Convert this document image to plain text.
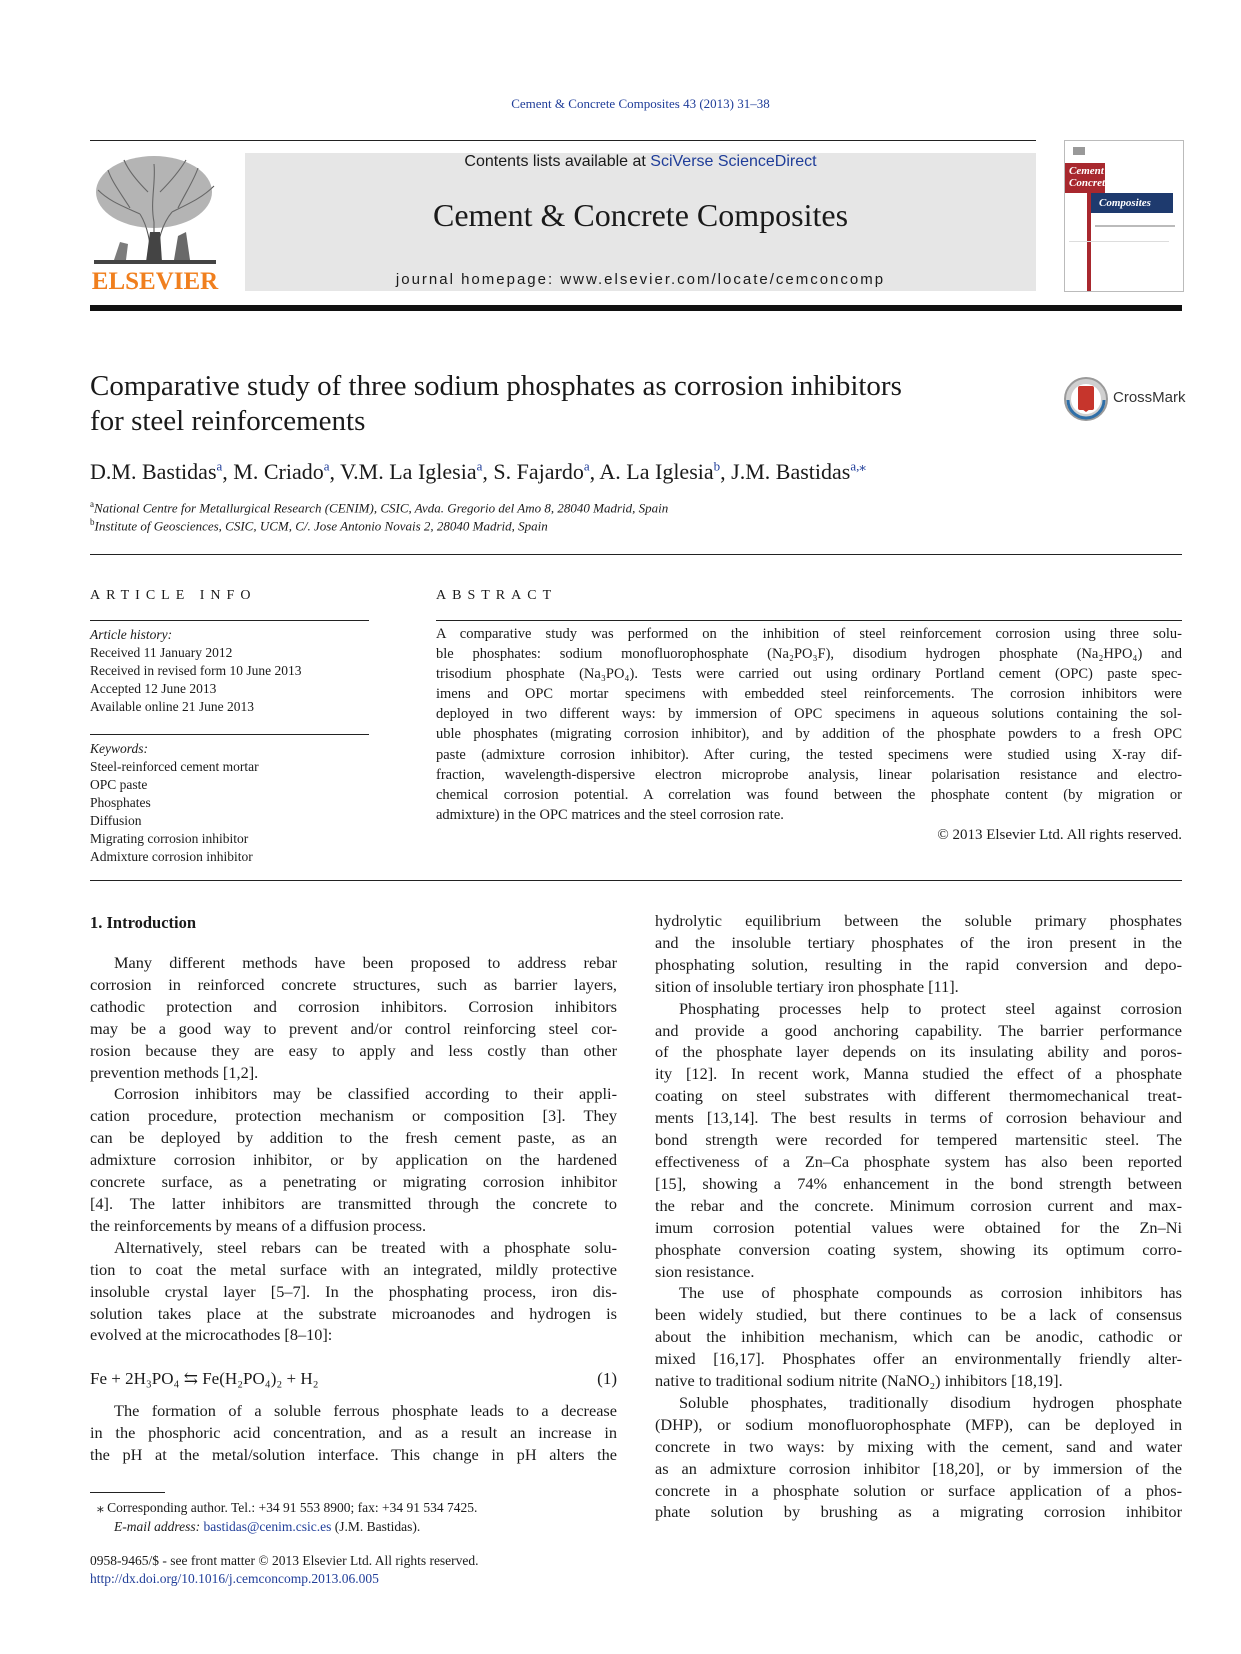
Cement & Concrete Composites 43 (2013) 31–38
ELSEVIER
Contents lists available at SciVerse ScienceDirect
Cement & Concrete Composites
journal homepage: www.elsevier.com/locate/cemconcomp
Cement &
Concrete
Composites
Comparative study of three sodium phosphates as corrosion inhibitors
for steel reinforcements
CrossMark
D.M. Bastidas$^a$, M. Criado$^a$, V.M. La Iglesia$^a$, S. Fajardo$^a$, A. La Iglesia$^b$, J.M. Bastidas$^{a,⁎}$
$^a$National Centre for Metallurgical Research (CENIM), CSIC, Avda. Gregorio del Amo 8, 28040 Madrid, Spain
$^b$Institute of Geosciences, CSIC, UCM, C/. Jose Antonio Novais 2, 28040 Madrid, Spain
ARTICLE INFO
Article history:
Received 11 January 2012
Received in revised form 10 June 2013
Accepted 12 June 2013
Available online 21 June 2013
Keywords:
Steel-reinforced cement mortar
OPC paste
Phosphates
Diffusion
Migrating corrosion inhibitor
Admixture corrosion inhibitor
ABSTRACT
A comparative study was performed on the inhibition of steel reinforcement corrosion using three solu-
ble phosphates: sodium monofluorophosphate (Na₂PO₃F), disodium hydrogen phosphate (Na₂HPO₄) and
trisodium phosphate (Na₃PO₄). Tests were carried out using ordinary Portland cement (OPC) paste spec-
imens and OPC mortar specimens with embedded steel reinforcements. The corrosion inhibitors were
deployed in two different ways: by immersion of OPC specimens in aqueous solutions containing the sol-
uble phosphates (migrating corrosion inhibitor), and by addition of the phosphate powders to a fresh OPC
paste (admixture corrosion inhibitor). After curing, the tested specimens were studied using X-ray dif-
fraction, wavelength-dispersive electron microprobe analysis, linear polarisation resistance and electro-
chemical corrosion potential. A correlation was found between the phosphate content (by migration or
admixture) in the OPC matrices and the steel corrosion rate.
© 2013 Elsevier Ltd. All rights reserved.
1. Introduction
Many different methods have been proposed to address rebar
corrosion in reinforced concrete structures, such as barrier layers,
cathodic protection and corrosion inhibitors. Corrosion inhibitors
may be a good way to prevent and/or control reinforcing steel cor-
rosion because they are easy to apply and less costly than other
prevention methods [1,2].
Corrosion inhibitors may be classified according to their appli-
cation procedure, protection mechanism or composition [3]. They
can be deployed by addition to the fresh cement paste, as an
admixture corrosion inhibitor, or by application on the hardened
concrete surface, as a penetrating or migrating corrosion inhibitor
[4]. The latter inhibitors are transmitted through the concrete to
the reinforcements by means of a diffusion process.
Alternatively, steel rebars can be treated with a phosphate solu-
tion to coat the metal surface with an integrated, mildly protective
insoluble crystal layer [5–7]. In the phosphating process, iron dis-
solution takes place at the substrate microanodes and hydrogen is
evolved at the microcathodes [8–10]:
Fe + 2H₃PO₄ ⇆ Fe(H₂PO₄)₂ + H₂	(1)
The formation of a soluble ferrous phosphate leads to a decrease
in the phosphoric acid concentration, and as a result an increase in
the pH at the metal/solution interface. This change in pH alters the
hydrolytic equilibrium between the soluble primary phosphates
and the insoluble tertiary phosphates of the iron present in the
phosphating solution, resulting in the rapid conversion and depo-
sition of insoluble tertiary iron phosphate [11].
Phosphating processes help to protect steel against corrosion
and provide a good anchoring capability. The barrier performance
of the phosphate layer depends on its insulating ability and poros-
ity [12]. In recent work, Manna studied the effect of a phosphate
coating on steel substrates with different thermomechanical treat-
ments [13,14]. The best results in terms of corrosion behaviour and
bond strength were recorded for tempered martensitic steel. The
effectiveness of a Zn–Ca phosphate system has also been reported
[15], showing a 74% enhancement in the bond strength between
the rebar and the concrete. Minimum corrosion current and max-
imum corrosion potential values were obtained for the Zn–Ni
phosphate conversion coating system, showing its optimum corro-
sion resistance.
The use of phosphate compounds as corrosion inhibitors has
been widely studied, but there continues to be a lack of consensus
about the inhibition mechanism, which can be anodic, cathodic or
mixed [16,17]. Phosphates offer an environmentally friendly alter-
native to traditional sodium nitrite (NaNO₂) inhibitors [18,19].
Soluble phosphates, traditionally disodium hydrogen phosphate
(DHP), or sodium monofluorophosphate (MFP), can be deployed in
concrete in two ways: by mixing with the cement, sand and water
as an admixture corrosion inhibitor [18,20], or by immersion of the
concrete in a phosphate solution or surface application of a phos-
phate solution by brushing as a migrating corrosion inhibitor
⁎ Corresponding author. Tel.: +34 91 553 8900; fax: +34 91 534 7425.
E-mail address: bastidas@cenim.csic.es (J.M. Bastidas).
0958-9465/$ - see front matter © 2013 Elsevier Ltd. All rights reserved.
http://dx.doi.org/10.1016/j.cemconcomp.2013.06.005
